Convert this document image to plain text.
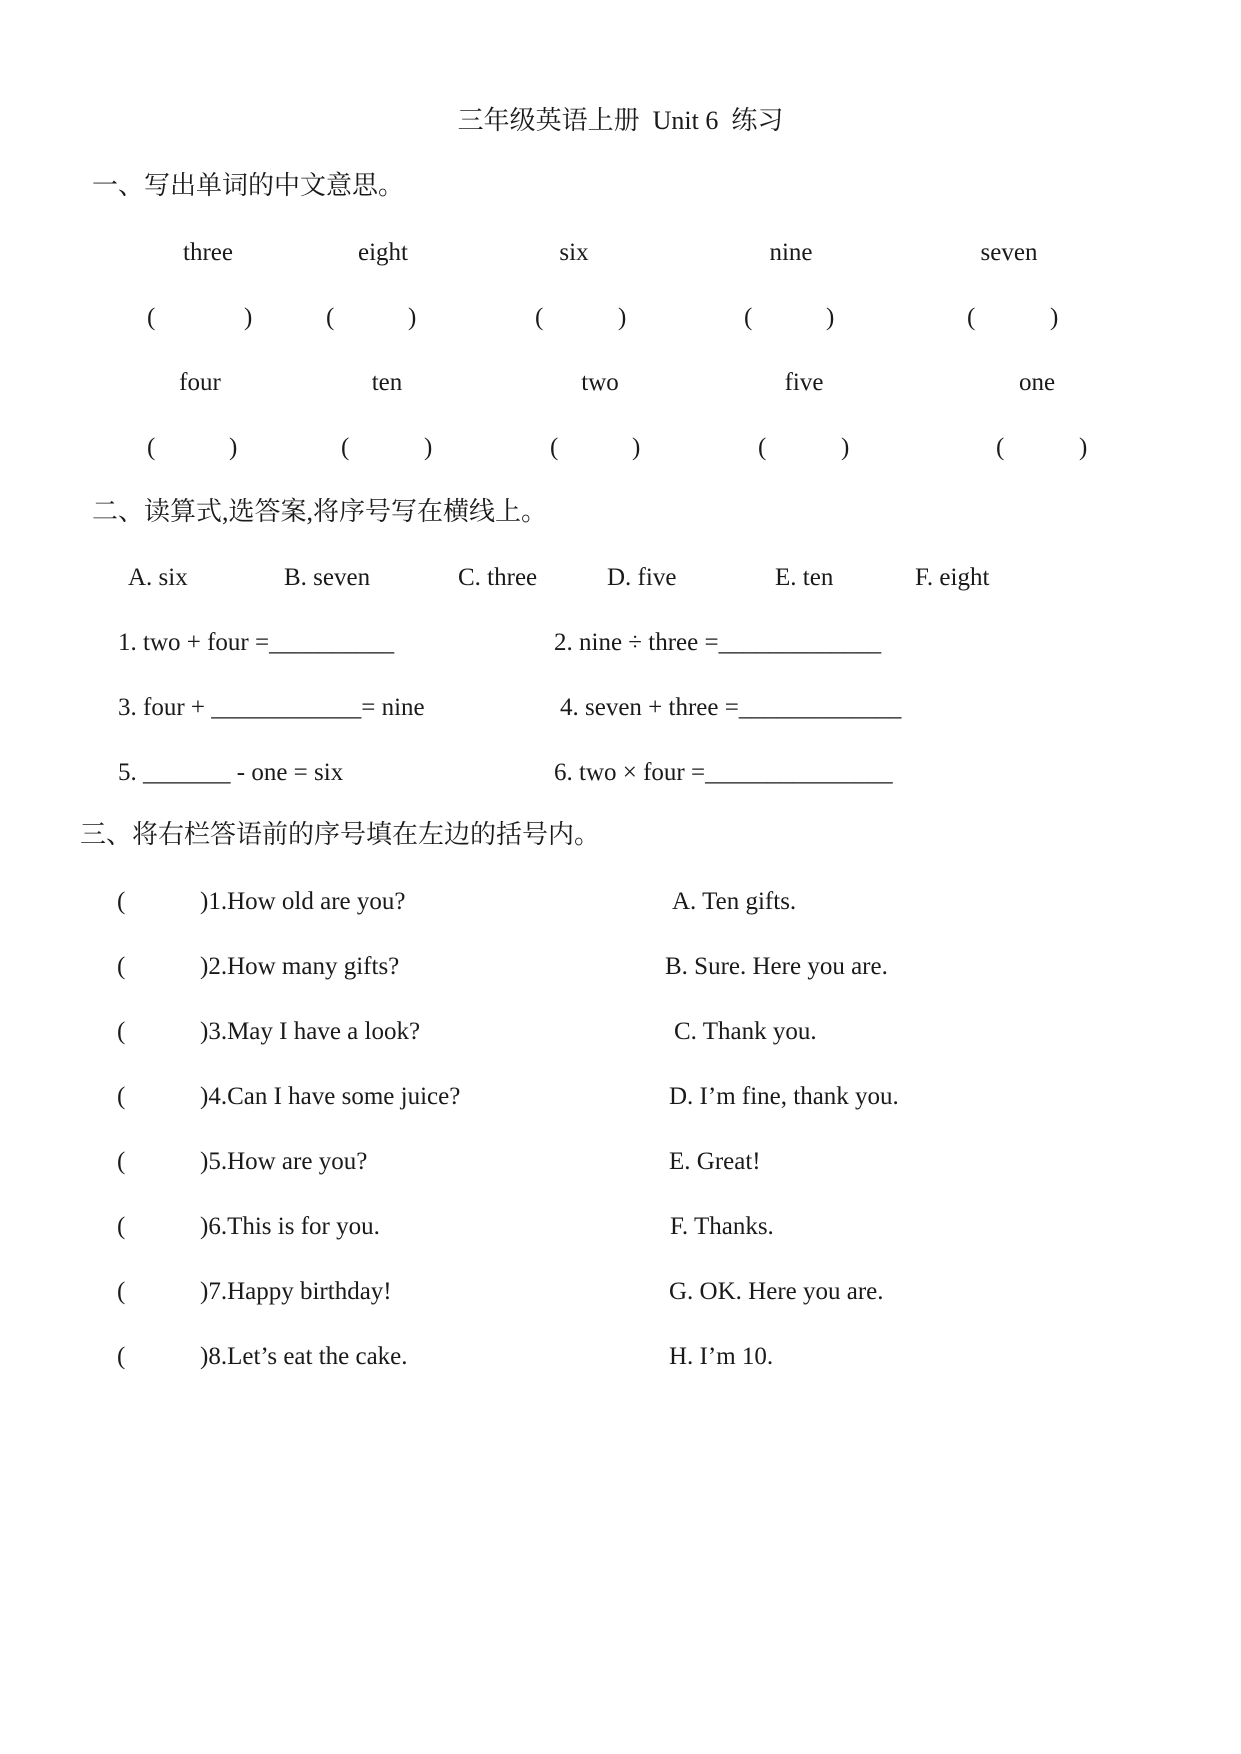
三年级英语上册  Unit 6  练习
一、写出单词的中文意思。
three	eight	six	nine	seven
(	)	(	)	(	)	(	)	(	)
four	ten	two	five	one
(	)	(	)	(	)	(	)	(	)
二、读算式,选答案,将序号写在横线上。
A. six	B. seven	C. three	D. five	E. ten	F. eight
1. two + four =__________	2. nine ÷ three =_____________
3. four + ____________= nine	4. seven + three =_____________
5. _______ - one = six	6. two × four =_______________
三、将右栏答语前的序号填在左边的括号内。
(	)1.How old are you?	A. Ten gifts.
(	)2.How many gifts?	B. Sure. Here you are.
(	)3.May I have a look?	C. Thank you.
(	)4.Can I have some juice?	D. I’m fine, thank you.
(	)5.How are you?	E. Great!
(	)6.This is for you.	F. Thanks.
(	)7.Happy birthday!	G. OK. Here you are.
(	)8.Let’s eat the cake.	H. I’m 10.
